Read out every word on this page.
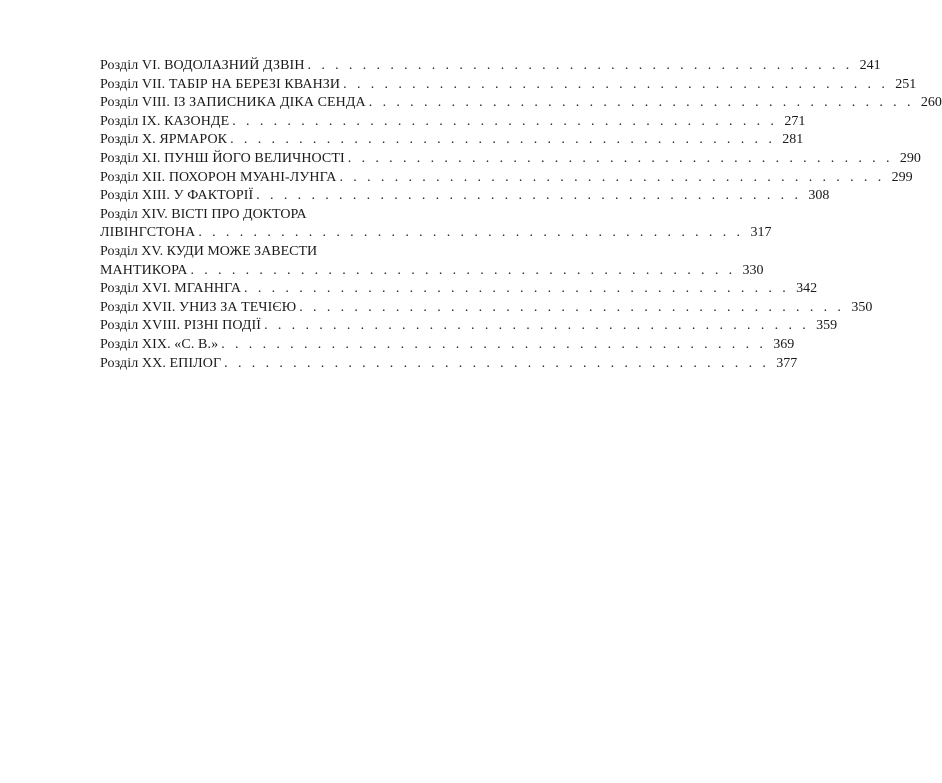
Розділ VI. ВОДОЛАЗНИЙ ДЗВІН . . . . . . . . . . . . . . . . . . . . . . . . . . . . . . . . . . . . . . . . 241
Розділ VII. ТАБІР НА БЕРЕЗІ КВАНЗИ . . . . . . . . . . . . . . . . . . . . . . . . . . . . . . . . . . . . . . . . 251
Розділ VIII. ІЗ ЗАПИСНИКА ДІКА СЕНДА . . . . . . . . . . . . . . . . . . . . . . . . . . . . . . . . . . . . . . . . 260
Розділ IX. КАЗОНДЕ . . . . . . . . . . . . . . . . . . . . . . . . . . . . . . . . . . . . . . . . 271
Розділ X. ЯРМАРОК . . . . . . . . . . . . . . . . . . . . . . . . . . . . . . . . . . . . . . . . 281
Розділ XI. ПУНШ ЙОГО ВЕЛИЧНОСТІ . . . . . . . . . . . . . . . . . . . . . . . . . . . . . . . . . . . . . . . . 290
Розділ XII. ПОХОРОН МУАНІ-ЛУНГА . . . . . . . . . . . . . . . . . . . . . . . . . . . . . . . . . . . . . . . . 299
Розділ XIII. У ФАКТОРІЇ . . . . . . . . . . . . . . . . . . . . . . . . . . . . . . . . . . . . . . . . 308
Розділ XIV. ВІСТІ ПРО ДОКТОРА
ЛІВІНГСТОНА . . . . . . . . . . . . . . . . . . . . . . . . . . . . . . . . . . . . . . . . 317
Розділ XV. КУДИ МОЖЕ ЗАВЕСТИ
МАНТИКОРА . . . . . . . . . . . . . . . . . . . . . . . . . . . . . . . . . . . . . . . . 330
Розділ XVI. МГАННГА . . . . . . . . . . . . . . . . . . . . . . . . . . . . . . . . . . . . . . . . 342
Розділ XVII. УНИЗ ЗА ТЕЧІЄЮ . . . . . . . . . . . . . . . . . . . . . . . . . . . . . . . . . . . . . . . . 350
Розділ XVIII. РІЗНІ ПОДІЇ . . . . . . . . . . . . . . . . . . . . . . . . . . . . . . . . . . . . . . . . 359
Розділ XIX. «С. В.» . . . . . . . . . . . . . . . . . . . . . . . . . . . . . . . . . . . . . . . . 369
Розділ XX. ЕПІЛОГ . . . . . . . . . . . . . . . . . . . . . . . . . . . . . . . . . . . . . . . . 377
